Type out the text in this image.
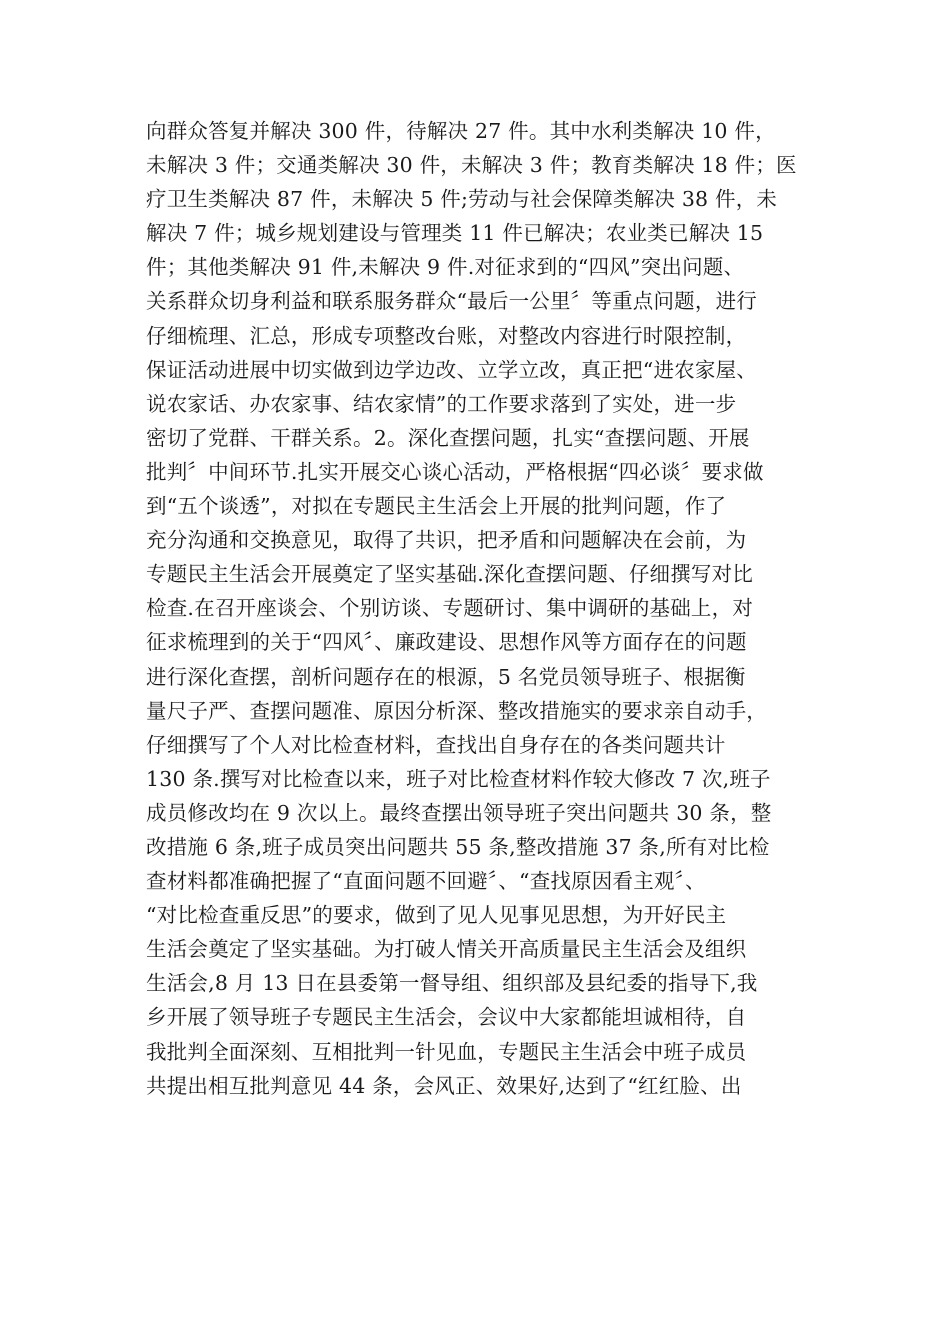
向群众答复并解决 300 件，待解决 27 件。其中水利类解决 10 件，
未解决 3 件；交通类解决 30 件，未解决 3 件；教育类解决 18 件；医
疗卫生类解决 87 件，未解决 5 件;劳动与社会保障类解决 38 件，未
解决 7 件；城乡规划建设与管理类 11 件已解决；农业类已解决 15
件；其他类解决 91 件,未解决 9 件.对征求到的“四风”突出问题、
关系群众切身利益和联系服务群众“最后一公里〞等重点问题，进行
仔细梳理、汇总，形成专项整改台账，对整改内容进行时限控制，
保证活动进展中切实做到边学边改、立学立改，真正把“进农家屋、
说农家话、办农家事、结农家情”的工作要求落到了实处，进一步
密切了党群、干群关系。2。深化查摆问题，扎实“查摆问题、开展
批判〞中间环节.扎实开展交心谈心活动，严格根据“四必谈〞要求做
到“五个谈透”，对拟在专题民主生活会上开展的批判问题，作了
充分沟通和交换意见，取得了共识，把矛盾和问题解决在会前，为
专题民主生活会开展奠定了坚实基础.深化查摆问题、仔细撰写对比
检查.在召开座谈会、个别访谈、专题研讨、集中调研的基础上，对
征求梳理到的关于“四风〞、廉政建设、思想作风等方面存在的问题
进行深化查摆，剖析问题存在的根源，5 名党员领导班子、根据衡
量尺子严、查摆问题准、原因分析深、整改措施实的要求亲自动手，
仔细撰写了个人对比检查材料，查找出自身存在的各类问题共计
130 条.撰写对比检查以来，班子对比检查材料作较大修改 7 次,班子
成员修改均在 9 次以上。最终查摆出领导班子突出问题共 30 条，整
改措施 6 条,班子成员突出问题共 55 条,整改措施 37 条,所有对比检
查材料都准确把握了“直面问题不回避〞、“查找原因看主观〞、
“对比检查重反思”的要求，做到了见人见事见思想，为开好民主
生活会奠定了坚实基础。为打破人情关开高质量民主生活会及组织
生活会,8 月 13 日在县委第一督导组、组织部及县纪委的指导下,我
乡开展了领导班子专题民主生活会，会议中大家都能坦诚相待，自
我批判全面深刻、互相批判一针见血，专题民主生活会中班子成员
共提出相互批判意见 44 条，会风正、效果好,达到了“红红脸、出
